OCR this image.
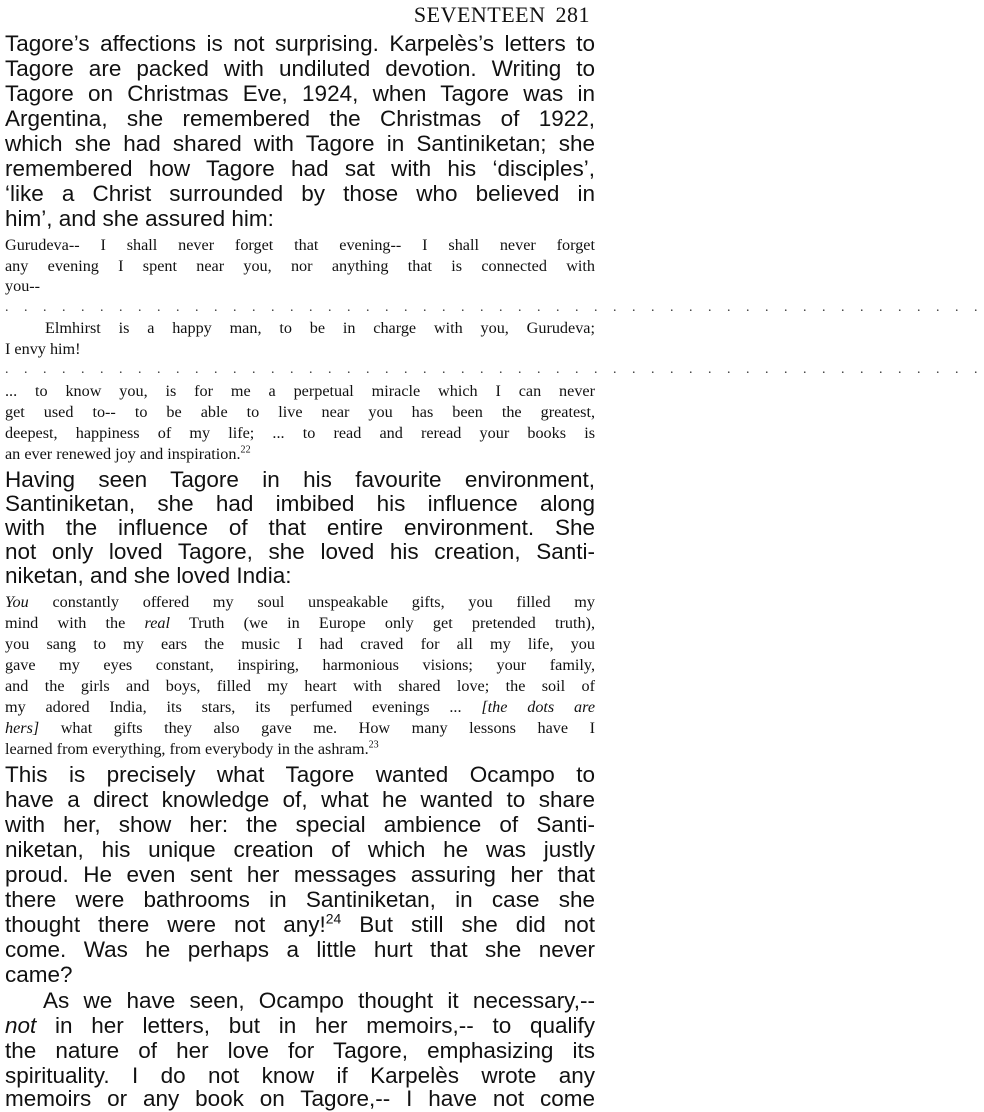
SEVENTEEN 281
Tagore’s affections is not surprising. Karpelès’s letters to
Tagore are packed with undiluted devotion. Writing to
Tagore on Christmas Eve, 1924, when Tagore was in
Argentina, she remembered the Christmas of 1922,
which she had shared with Tagore in Santiniketan; she
remembered how Tagore had sat with his ‘disciples’,
‘like a Christ surrounded by those who believed in
him’, and she assured him:
Gurudeva-- I shall never forget that evening-- I shall never forget
any evening I spent near you, nor anything that is connected with
you--
. . . . . . . . . . . . . . . . . . . . . . . . . . . . . . . . . . . . . . . . . . . . . . . . . . . .
Elmhirst is a happy man, to be in charge with you, Gurudeva;
I envy him!
. . . . . . . . . . . . . . . . . . . . . . . . . . . . . . . . . . . . . . . . . . . . . . . . . . . .
... to know you, is for me a perpetual miracle which I can never
get used to-- to be able to live near you has been the greatest,
deepest, happiness of my life; ... to read and reread your books is
an ever renewed joy and inspiration.$^{22}$
Having seen Tagore in his favourite environment,
Santiniketan, she had imbibed his influence along
with the influence of that entire environment. She
not only loved Tagore, she loved his creation, Santi-
niketan, and she loved India:
You constantly offered my soul unspeakable gifts, you filled my
mind with the real Truth (we in Europe only get pretended truth),
you sang to my ears the music I had craved for all my life, you
gave my eyes constant, inspiring, harmonious visions; your family,
and the girls and boys, filled my heart with shared love; the soil of
my adored India, its stars, its perfumed evenings ... [the dots are
hers] what gifts they also gave me. How many lessons have I
learned from everything, from everybody in the ashram.$^{23}$
This is precisely what Tagore wanted Ocampo to
have a direct knowledge of, what he wanted to share
with her, show her: the special ambience of Santi-
niketan, his unique creation of which he was justly
proud. He even sent her messages assuring her that
there were bathrooms in Santiniketan, in case she
thought there were not any!$^{24}$ But still she did not
come. Was he perhaps a little hurt that she never
came?
As we have seen, Ocampo thought it necessary,--
not in her letters, but in her memoirs,-- to qualify
the nature of her love for Tagore, emphasizing its
spirituality. I do not know if Karpelès wrote any
memoirs or any book on Tagore,-- I have not come
